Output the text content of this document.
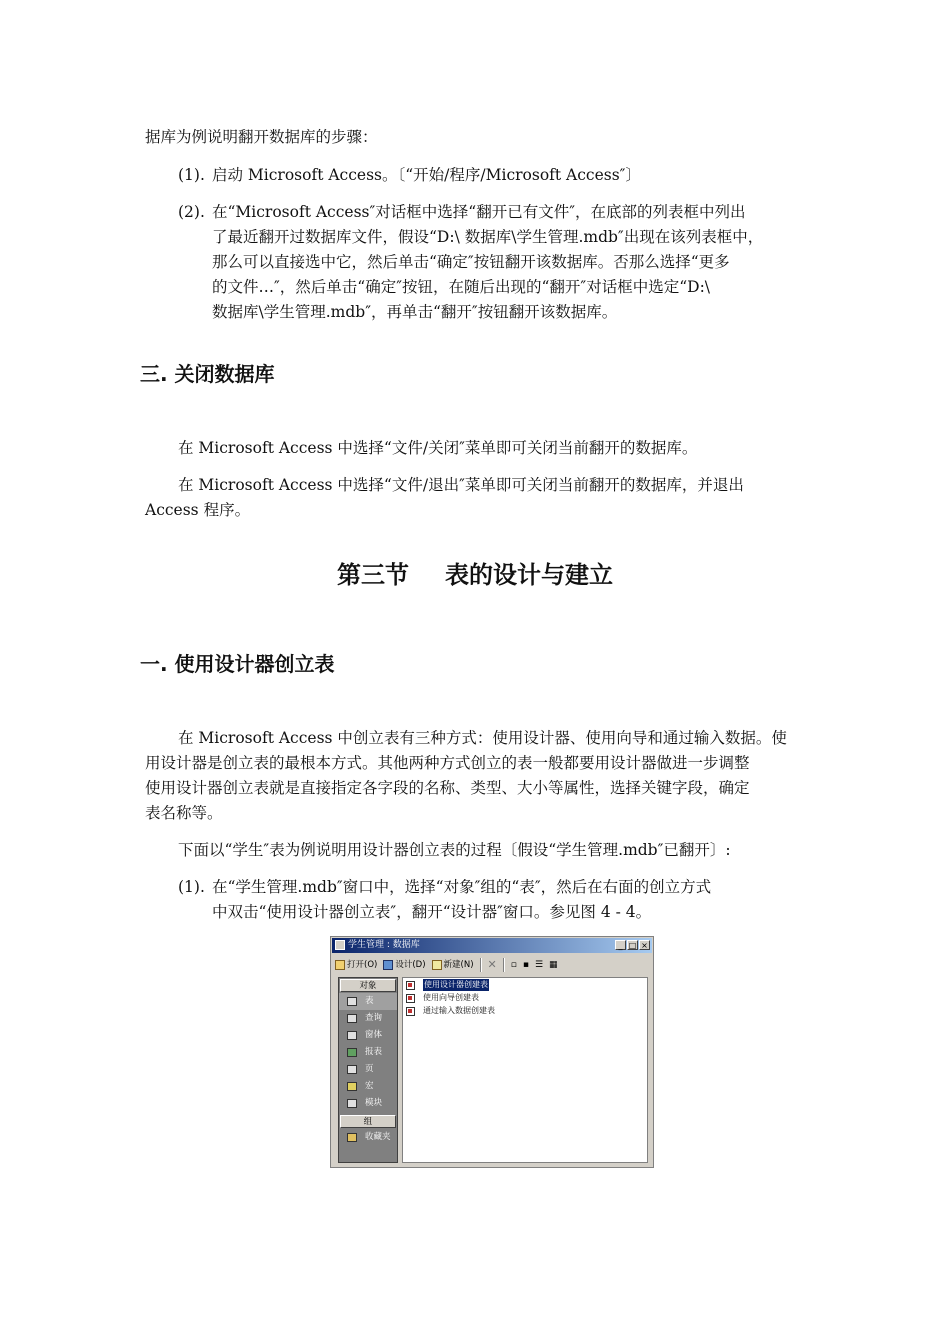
据库为例说明翻开数据库的步骤：
(1). 启动 Microsoft Access。〔“开始/程序/Microsoft Access″〕
(2). 在“Microsoft Access″对话框中选择“翻开已有文件″，在底部的列表框中列出
了最近翻开过数据库文件，假设“D:\ 数据库\学生管理.mdb″出现在该列表框中，
那么可以直接选中它，然后单击“确定″按钮翻开该数据库。否那么选择“更多
的文件…″，然后单击“确定″按钮，在随后出现的“翻开″对话框中选定“D:\
数据库\学生管理.mdb″，再单击“翻开″按钮翻开该数据库。
三. 关闭数据库
在 Microsoft Access 中选择“文件/关闭″菜单即可关闭当前翻开的数据库。
在 Microsoft Access 中选择“文件/退出″菜单即可关闭当前翻开的数据库，并退出
Access 程序。
第三节 表的设计与建立
一. 使用设计器创立表
在 Microsoft Access 中创立表有三种方式：使用设计器、使用向导和通过输入数据。使
用设计器是创立表的最根本方式。其他两种方式创立的表一般都要用设计器做进一步调整
使用设计器创立表就是直接指定各字段的名称、类型、大小等属性，选择关键字段，确定
表名称等。
下面以“学生″表为例说明用设计器创立表的过程〔假设“学生管理.mdb″已翻开〕:
(1). 在“学生管理.mdb″窗口中，选择“对象″组的“表″，然后在右面的创立方式
中双击“使用设计器创立表″，翻开“设计器″窗口。参见图 4 - 4。
学生管理 : 数据库	_ □ ×
打开(O) 设计(D) 新建(N) ✕ ▫ ▪ ☰ ▦
对象
表
查询
窗体
报表
页
宏
模块
组
收藏夹
使用设计器创建表
使用向导创建表
通过输入数据创建表
